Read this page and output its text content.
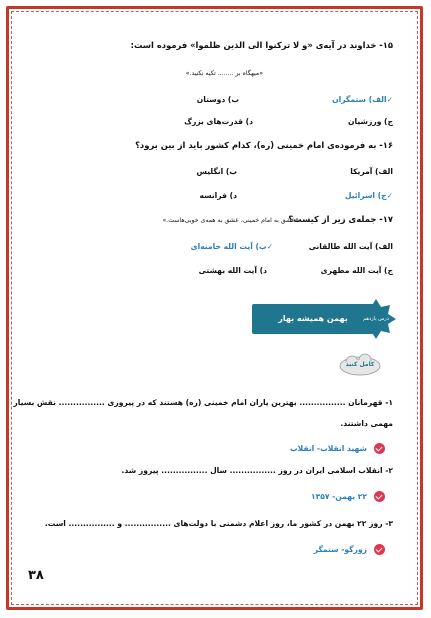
۱۵- خداوند در آیه‌ی «و لا ترکنوا الی الذین ظلموا» فرموده است:
«میهگاه بر ........ تکیه نکنید.»
✓الف) ستمگران
ب) دوستان
ج) ورزشیان
د) قدرت‌های بزرگ
۱۶- به فرموده‌ی امام خمینی (ره)، کدام کشور باید از بین برود؟
الف) آمریکا
ب) انگلیس
✓ج) اسرائیل
د) فرانسه
۱۷- جمله‌ی زیر از کیست؟
«عشق به امام خمینی، عشق به همه‌ی خوبی‌هاست.»
الف) آیت الله طالقانی
✓ب) آیت الله خامنه‌ای
ج) آیت الله مطهری
د) آیت الله بهشتی
بهمن همیشه بهار	درس یازدهم
کامل کنید
۱- قهرمانان ................ بهترین یاران امام خمینی (ره) هستند که در پیروزی ................ نقش بسیار
مهمی داشتند.
شهید انقلاب- انقلاب
۲- انقلاب اسلامی ایران در روز ................ سال ................ پیروز شد.
۲۲ بهمن- ۱۳۵۷
۳- روز ۲۲ بهمن در کشور ما، روز اعلام دشمنی با دولت‌های ................ و ................ است.
زورگو- ستمگر
۳۸
